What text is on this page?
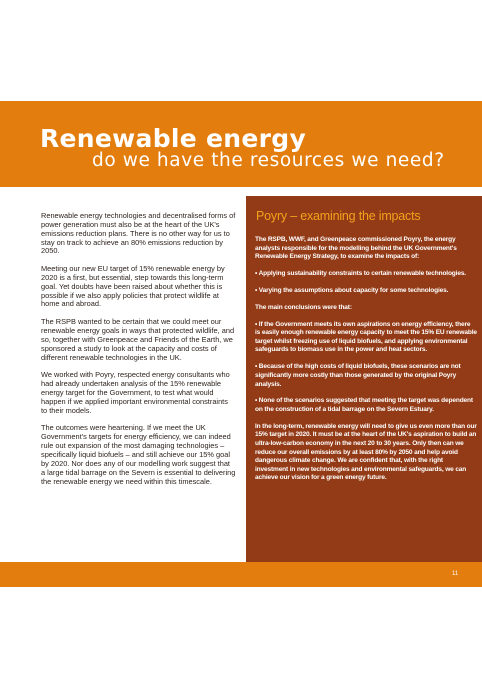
Renewable energy
do we have the resources we need?

Renewable energy technologies and decentralised forms of power generation must also be at the heart of the UK's emissions reduction plans. There is no other way for us to stay on track to achieve an 80% emissions reduction by 2050.

Meeting our new EU target of 15% renewable energy by 2020 is a first, but essential, step towards this long-term goal. Yet doubts have been raised about whether this is possible if we also apply policies that protect wildlife at home and abroad.

The RSPB wanted to be certain that we could meet our renewable energy goals in ways that protected wildlife, and so, together with Greenpeace and Friends of the Earth, we sponsored a study to look at the capacity and costs of different renewable technologies in the UK.

We worked with Poyry, respected energy consultants who had already undertaken analysis of the 15% renewable energy target for the Government, to test what would happen if we applied important environmental constraints to their models.

The outcomes were heartening. If we meet the UK Government's targets for energy efficiency, we can indeed rule out expansion of the most damaging technologies – specifically liquid biofuels – and still achieve our 15% goal by 2020. Nor does any of our modelling work suggest that a large tidal barrage on the Severn is essential to delivering the renewable energy we need within this timescale.

Poyry – examining the impacts

The RSPB, WWF, and Greenpeace commissioned Poyry, the energy analysts responsible for the modelling behind the UK Government's Renewable Energy Strategy, to examine the impacts of:

• Applying sustainability constraints to certain renewable technologies.

• Varying the assumptions about capacity for some technologies.

The main conclusions were that:

• If the Government meets its own aspirations on energy efficiency, there is easily enough renewable energy capacity to meet the 15% EU renewable target whilst freezing use of liquid biofuels, and applying environmental safeguards to biomass use in the power and heat sectors.

• Because of the high costs of liquid biofuels, these scenarios are not significantly more costly than those generated by the original Poyry analysis.

• None of the scenarios suggested that meeting the target was dependent on the construction of a tidal barrage on the Severn Estuary.

In the long-term, renewable energy will need to give us even more than our 15% target in 2020. It must be at the heart of the UK's aspiration to build an ultra-low-carbon economy in the next 20 to 30 years. Only then can we reduce our overall emissions by at least 80% by 2050 and help avoid dangerous climate change. We are confident that, with the right investment in new technologies and environmental safeguards, we can achieve our vision for a green energy future.

11
